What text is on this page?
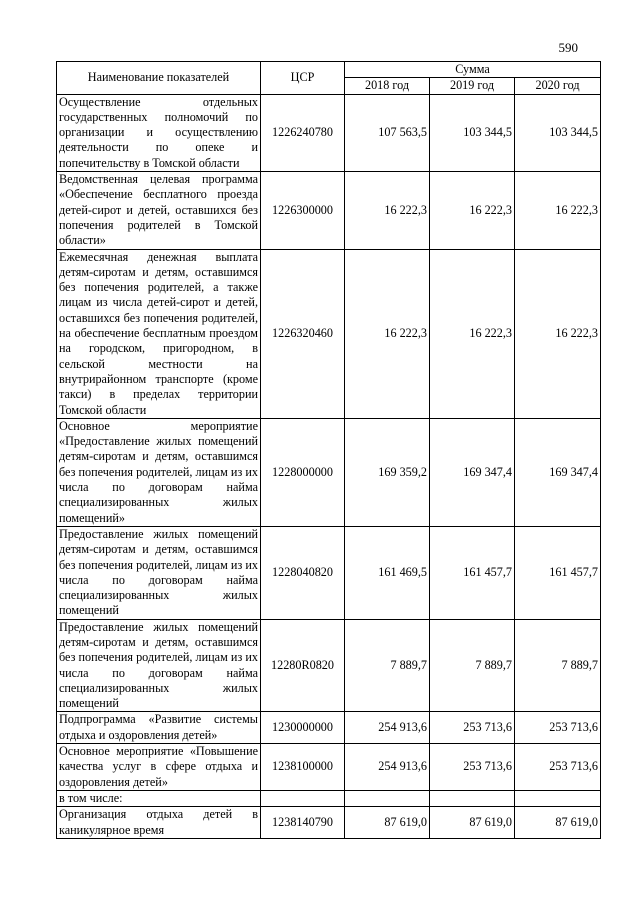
590
Наименование показателей	ЦСР	Сумма		
		2018 год	2019 год	2020 год
Осуществление отдельных государственных полномочий по организации и осуществлению деятельности по опеке и попечительству в Томской области	1226240780	107 563,5	103 344,5	103 344,5
Ведомственная целевая программа «Обеспечение бесплатного проезда детей-сирот и детей, оставшихся без попечения родителей в Томской области»	1226300000	16 222,3	16 222,3	16 222,3
Ежемесячная денежная выплата детям-сиротам и детям, оставшимся без попечения родителей, а также лицам из числа детей-сирот и детей, оставшихся без попечения родителей, на обеспечение бесплатным проездом на городском, пригородном, в сельской местности на внутрирайонном транспорте (кроме такси) в пределах территории Томской области	1226320460	16 222,3	16 222,3	16 222,3
Основное мероприятие «Предоставление жилых помещений детям-сиротам и детям, оставшимся без попечения родителей, лицам из их числа по договорам найма специализированных жилых помещений»	1228000000	169 359,2	169 347,4	169 347,4
Предоставление жилых помещений детям-сиротам и детям, оставшимся без попечения родителей, лицам из их числа по договорам найма специализированных жилых помещений	1228040820	161 469,5	161 457,7	161 457,7
Предоставление жилых помещений детям-сиротам и детям, оставшимся без попечения родителей, лицам из их числа по договорам найма специализированных жилых помещений	12280R0820	7 889,7	7 889,7	7 889,7
Подпрограмма «Развитие системы отдыха и оздоровления детей»	1230000000	254 913,6	253 713,6	253 713,6
Основное мероприятие «Повышение качества услуг в сфере отдыха и оздоровления детей»	1238100000	254 913,6	253 713,6	253 713,6
в том числе:				
Организация отдыха детей в каникулярное время	1238140790	87 619,0	87 619,0	87 619,0
